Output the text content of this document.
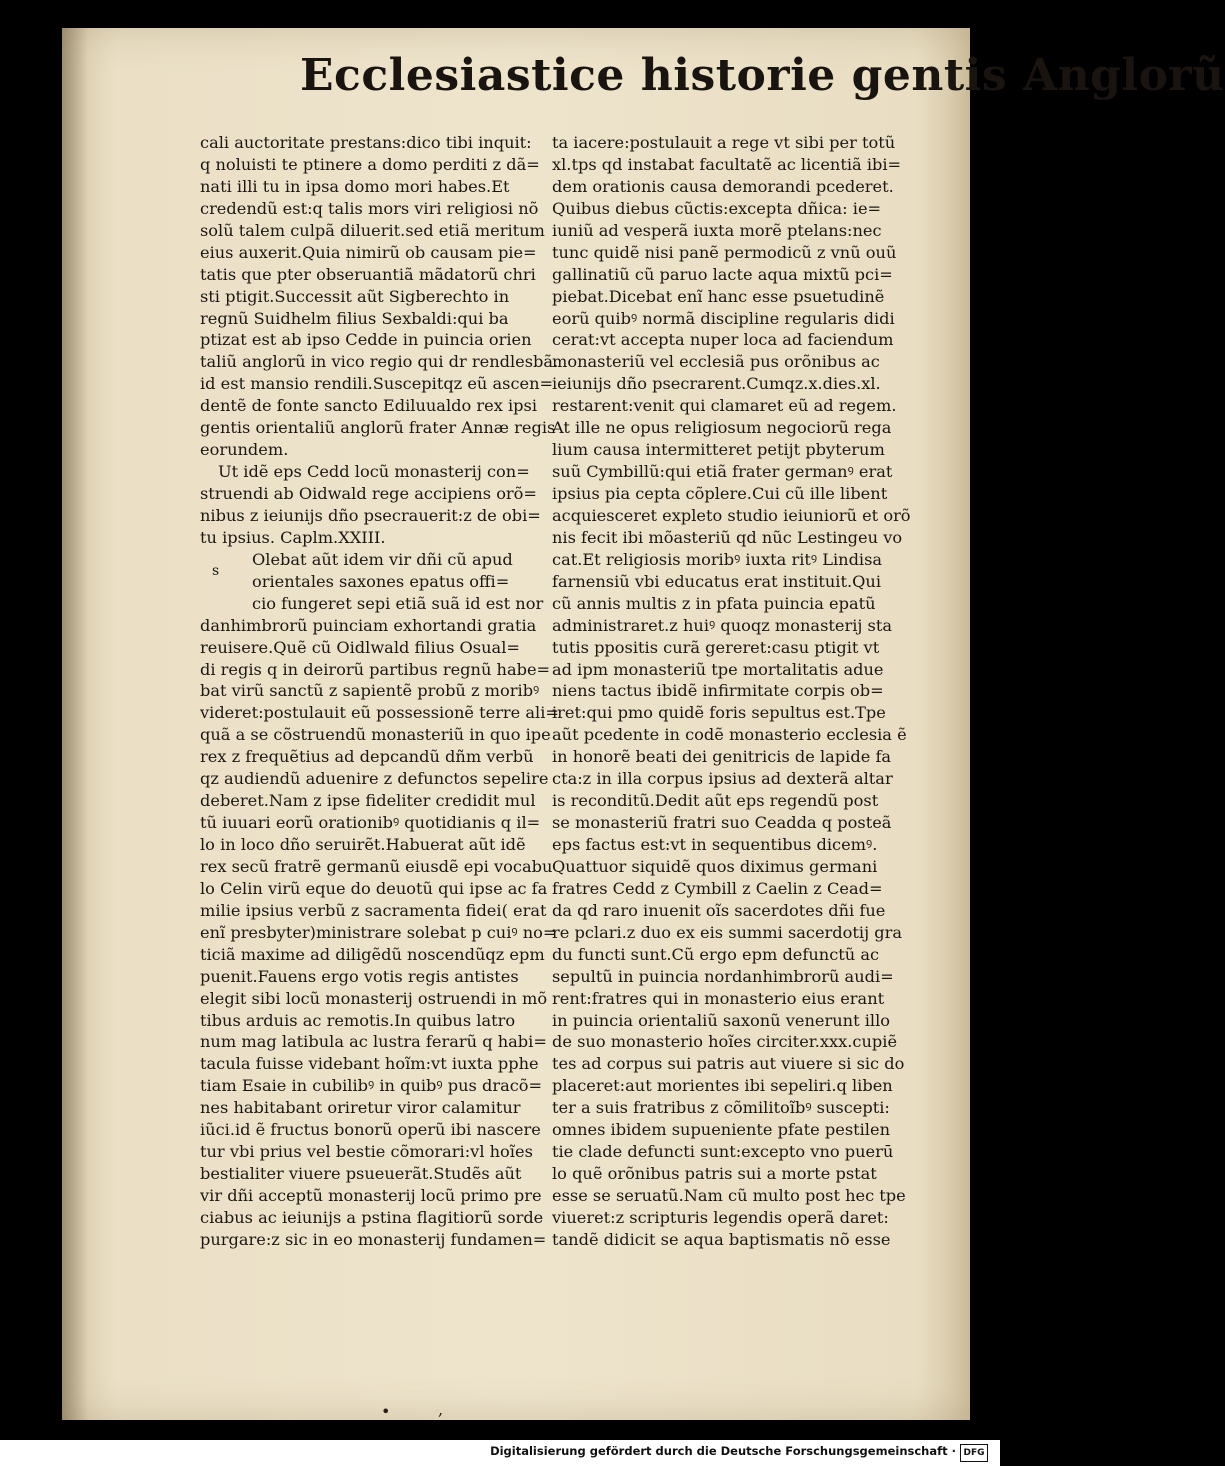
Ecclesiastice historie gentis Anglorũ
cali auctoritate prestans:dico tibi inquit:
q noluisti te ptinere a domo perditi z dã=
nati illi tu in ipsa domo mori habes.Et
credendũ est:q talis mors viri religiosi nõ
solũ talem culpã diluerit.sed etiã meritum
eius auxerit.Quia nimirũ ob causam pie=
tatis que pter obseruantiã mãdatorũ chri
sti ptigit.Successit aũt Sigberechto in
regnũ Suidhelm filius Sexbaldi:qui ba
ptizat est ab ipso Cedde in puincia orien
taliũ anglorũ in vico regio qui dr rendlesbã.
id est mansio rendili.Suscepitqz eũ ascen=
dentẽ de fonte sancto Ediluualdo rex ipsi
gentis orientaliũ anglorũ frater Annæ regis
eorundem.
Ut idẽ eps Cedd locũ monasterij con=
struendi ab Oidwald rege accipiens orõ=
nibus z ieiunijs dño psecrauerit:z de obi=
tu ipsius. Caplm.XXIII.
Olebat aũt idem vir dñi cũ apud
orientales saxones epatus offi=
cio fungeret sepi etiã suã id est nor
danhimbrorũ puinciam exhortandi gratia
reuisere.Quẽ cũ Oidlwald filius Osual=
di regis q in deirorũ partibus regnũ habe=
bat virũ sanctũ z sapientẽ probũ z moribꝰ
videret:postulauit eũ possessionẽ terre ali=
quã a se cõstruendũ monasteriũ in quo ipe
rex z frequẽtius ad depcandũ dñm verbũ
qz audiendũ aduenire z defunctos sepelire
deberet.Nam z ipse fideliter credidit mul
tũ iuuari eorũ orationibꝰ quotidianis q il=
lo in loco dño seruirẽt.Habuerat aũt idẽ
rex secũ fratrẽ germanũ eiusdẽ epi vocabu
lo Celin virũ eque do deuotũ qui ipse ac fa
milie ipsius verbũ z sacramenta fidei( erat
enĩ presbyter)ministrare solebat p cuiꝰ no=
ticiã maxime ad diligẽdũ noscendũqz epm
puenit.Fauens ergo votis regis antistes
elegit sibi locũ monasterij ostruendi in mõ
tibus arduis ac remotis.In quibus latro
num mag latibula ac lustra ferarũ q habi=
tacula fuisse videbant hoĩm:vt iuxta pphe
tiam Esaie in cubilibꝰ in quibꝰ pus dracõ=
nes habitabant oriretur viror calamitur
iũci.id ẽ fructus bonorũ operũ ibi nascere
tur vbi prius vel bestie cõmorari:vl hoĩes
bestialiter viuere psueuerãt.Studẽs aũt
vir dñi acceptũ monasterij locũ primo pre
ciabus ac ieiunijs a pstina flagitiorũ sorde
purgare:z sic in eo monasterij fundamen=
ta iacere:postulauit a rege vt sibi per totũ
xl.tps qd instabat facultatẽ ac licentiã ibi=
dem orationis causa demorandi pcederet.
Quibus diebus cũctis:excepta dñica: ie=
iuniũ ad vesperã iuxta morẽ ptelans:nec
tunc quidẽ nisi panẽ permodicũ z vnũ ouũ
gallinatiũ cũ paruo lacte aqua mixtũ pci=
piebat.Dicebat enĩ hanc esse psuetudinẽ
eorũ quibꝰ normã discipline regularis didi
cerat:vt accepta nuper loca ad faciendum
monasteriũ vel ecclesiã pus orõnibus ac
ieiunijs dño psecrarent.Cumqz.x.dies.xl.
restarent:venit qui clamaret eũ ad regem.
At ille ne opus religiosum negociorũ rega
lium causa intermitteret petijt pbyterum
suũ Cymbillũ:qui etiã frater germanꝰ erat
ipsius pia cepta cõplere.Cui cũ ille libent
acquiesceret expleto studio ieiuniorũ et orõ
nis fecit ibi mõasteriũ qd nũc Lestingeu vo
cat.Et religiosis moribꝰ iuxta ritꝰ Lindisa
farnensiũ vbi educatus erat instituit.Qui
cũ annis multis z in pfata puincia epatũ
administraret.z huiꝰ quoqz monasterij sta
tutis ppositis curã gereret:casu ptigit vt
ad ipm monasteriũ tpe mortalitatis adue
niens tactus ibidẽ infirmitate corpis ob=
iret:qui pmo quidẽ foris sepultus est.Tpe
aũt pcedente in codẽ monasterio ecclesia ẽ
in honorẽ beati dei genitricis de lapide fa
cta:z in illa corpus ipsius ad dexterã altar
is reconditũ.Dedit aũt eps regendũ post
se monasteriũ fratri suo Ceadda q posteã
eps factus est:vt in sequentibus dicemꝰ.
Quattuor siquidẽ quos diximus germani
fratres Cedd z Cymbill z Caelin z Cead=
da qd raro inuenit oĩs sacerdotes dñi fue
re pclari.z duo ex eis summi sacerdotij gra
du functi sunt.Cũ ergo epm defunctũ ac
sepultũ in puincia nordanhimbrorũ audi=
rent:fratres qui in monasterio eius erant
in puincia orientaliũ saxonũ venerunt illo
de suo monasterio hoĩes circiter.xxx.cupiẽ
tes ad corpus sui patris aut viuere si sic do
placeret:aut morientes ibi sepeliri.q liben
ter a suis fratribus z cõmilitoĩbꝰ suscepti:
omnes ibidem supueniente pfate pestilen
tie clade defuncti sunt:excepto vno puerū
lo quẽ orõnibus patris sui a morte pstat
esse se seruatũ.Nam cũ multo post hec tpe
viueret:z scripturis legendis operã daret:
tandẽ didicit se aqua baptismatis nõ esse
s
•	,
Digitalisierung gefördert durch die Deutsche Forschungsgemeinschaft · DFG
